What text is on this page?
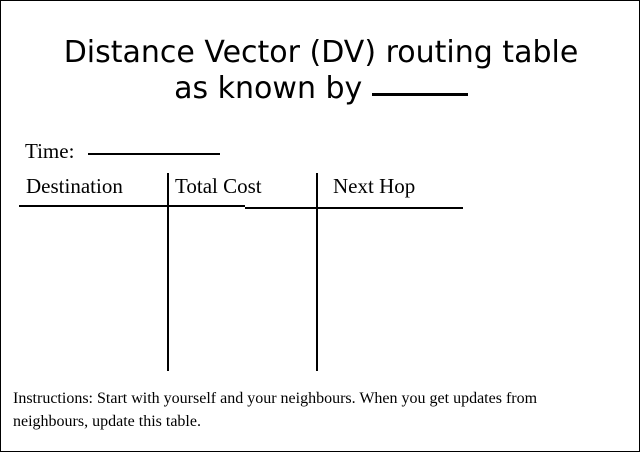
Distance Vector (DV) routing table
as known by
Time:
Destination Total Cost	Next Hop
Instructions: Start with yourself and your neighbours. When you get updates from neighbours, update this table.
